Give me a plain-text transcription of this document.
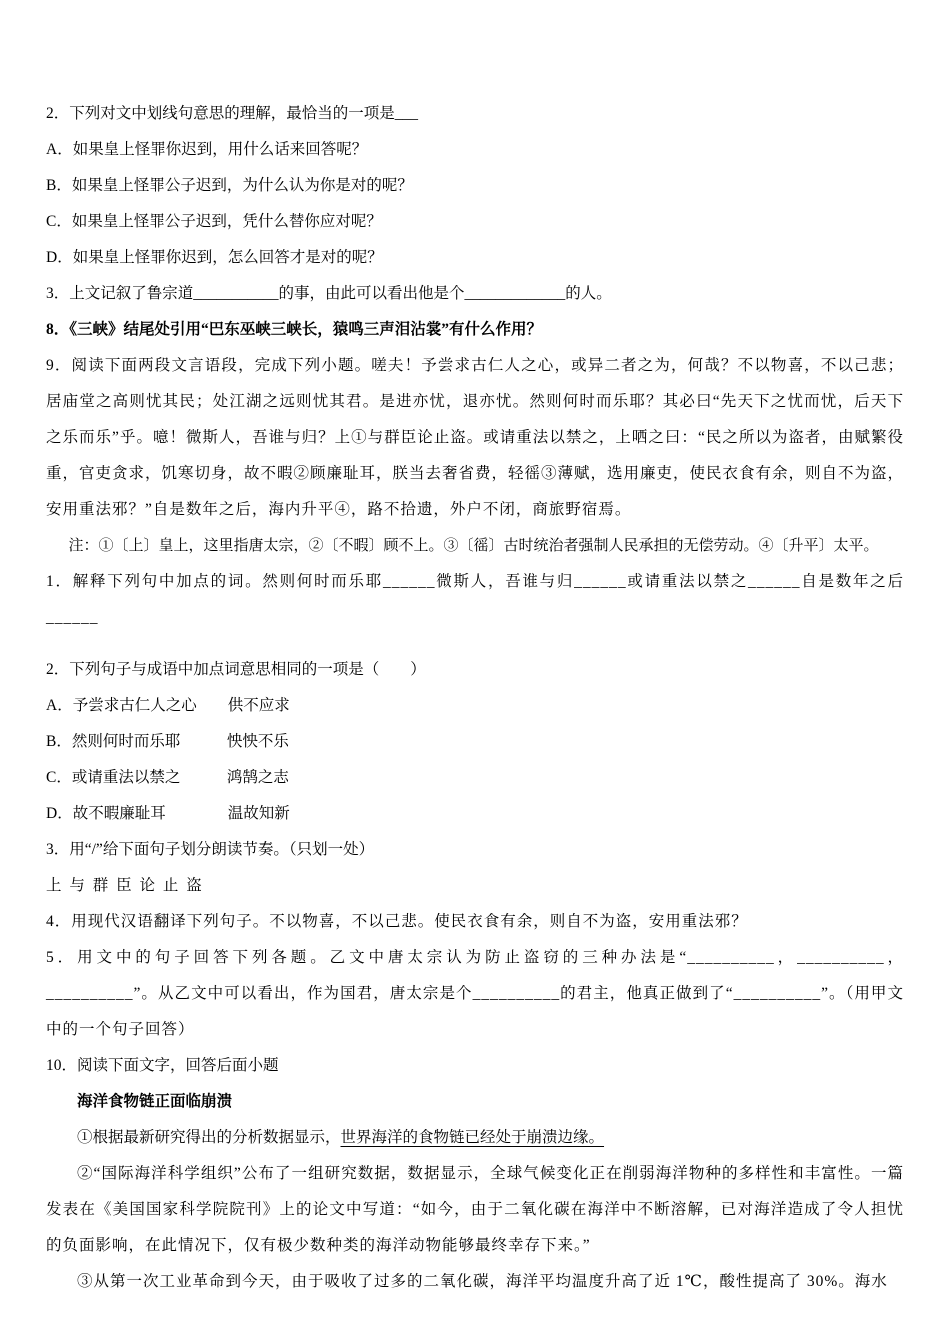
2．下列对文中划线句意思的理解，最恰当的一项是___

A．如果皇上怪罪你迟到，用什么话来回答呢？

B．如果皇上怪罪公子迟到，为什么认为你是对的呢？

C．如果皇上怪罪公子迟到，凭什么替你应对呢？

D．如果皇上怪罪你迟到，怎么回答才是对的呢？

3．上文记叙了鲁宗道___________的事，由此可以看出他是个_____________的人。

8．《三峡》结尾处引用“巴东巫峡三峡长，猿鸣三声泪沾裳”有什么作用？

9．阅读下面两段文言语段，完成下列小题。嗟夫！予尝求古仁人之心，或异二者之为，何哉？不以物喜，不以己悲；居庙堂之高则忧其民；处江湖之远则忧其君。是进亦忧，退亦忧。然则何时而乐耶？其必曰“先天下之忧而忧，后天下之乐而乐”乎。噫！微斯人，吾谁与归？上①与群臣论止盗。或请重法以禁之，上哂之曰：“民之所以为盗者，由赋繁役重，官吏贪求，饥寒切身，故不暇②顾廉耻耳，朕当去奢省费，轻徭③薄赋，选用廉吏，使民衣食有余，则自不为盗，安用重法邪？”自是数年之后，海内升平④，路不拾遗，外户不闭，商旅野宿焉。

注：①〔上〕皇上，这里指唐太宗，②〔不暇〕顾不上。③〔徭〕古时统治者强制人民承担的无偿劳动。④〔升平〕太平。

1．解释下列句中加点的词。然则何时而乐耶______微斯人，吾谁与归______或请重法以禁之______自是数年之后______

2．下列句子与成语中加点词意思相同的一项是（　　）

A．予尝求古仁人之心　　供不应求

B．然则何时而乐耶　　　怏怏不乐

C．或请重法以禁之　　　鸿鹄之志

D．故不暇廉耻耳　　　　温故知新

3．用“/”给下面句子划分朗读节奏。（只划一处）

上 与 群 臣 论 止 盗

4．用现代汉语翻译下列句子。不以物喜，不以己悲。使民衣食有余，则自不为盗，安用重法邪？

5．用文中的句子回答下列各题。乙文中唐太宗认为防止盗窃的三种办法是“__________，__________，__________”。从乙文中可以看出，作为国君，唐太宗是个__________的君主，他真正做到了“__________”。（用甲文中的一个句子回答）

10．阅读下面文字，回答后面小题

海洋食物链正面临崩溃

①根据最新研究得出的分析数据显示，世界海洋的食物链已经处于崩溃边缘。

②“国际海洋科学组织”公布了一组研究数据，数据显示，全球气候变化正在削弱海洋物种的多样性和丰富性。一篇发表在《美国国家科学院院刊》上的论文中写道：“如今，由于二氧化碳在海洋中不断溶解，已对海洋造成了令人担忧的负面影响，在此情况下，仅有极少数种类的海洋动物能够最终幸存下来。”

③从第一次工业革命到今天，由于吸收了过多的二氧化碳，海洋平均温度升高了近 1℃，酸性提高了 30%。海水
